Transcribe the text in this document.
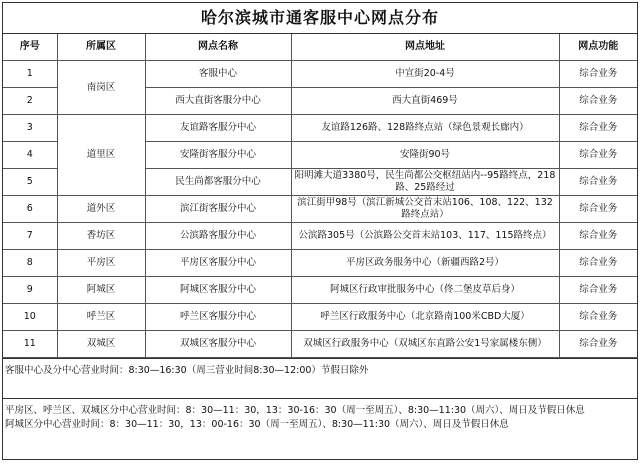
哈尔滨城市通客服中心网点分布
序号	所属区	网点名称	网点地址	网点功能
1	南岗区	客服中心	中宣街20-4号	综合业务
2		西大直街客服分中心	西大直街469号	综合业务
3	道里区	友谊路客服分中心	友谊路126路、128路终点站（绿色景观长廊内）	综合业务
4		安隆街客服分中心	安隆街90号	综合业务
5		民生尚都客服分中心	阳明滩大道3380号，民生尚都公交枢纽站内--95路终点，218路、25路经过	综合业务
6	道外区	滨江街客服分中心	滨江街甲98号（滨江新城公交首末站106、108、122、132路终点站）	综合业务
7	香坊区	公滨路客服分中心	公滨路305号（公滨路公交首末站103、117、115路终点）	综合业务
8	平房区	平房区客服分中心	平房区政务服务中心（新疆西路2号）	综合业务
9	阿城区	阿城区客服分中心	阿城区行政审批服务中心（佟二堡皮草后身）	综合业务
10	呼兰区	呼兰区客服分中心	呼兰区行政服务中心（北京路南100米CBD大厦）	综合业务
11	双城区	双城区客服分中心	双城区行政服务中心（双城区东直路公安1号家属楼东侧）	综合业务
客服中心及分中心营业时间：8:30—16:30（周三营业时间8:30—12:00）节假日除外
平房区、呼兰区、双城区分中心营业时间：8：30—11：30，13：30-16：30（周一至周五）、8:30—11:30（周六）、周日及节假日休息
阿城区分中心营业时间：8：30—11：30，13：00-16：30（周一至周五）、8:30—11:30（周六）、周日及节假日休息
